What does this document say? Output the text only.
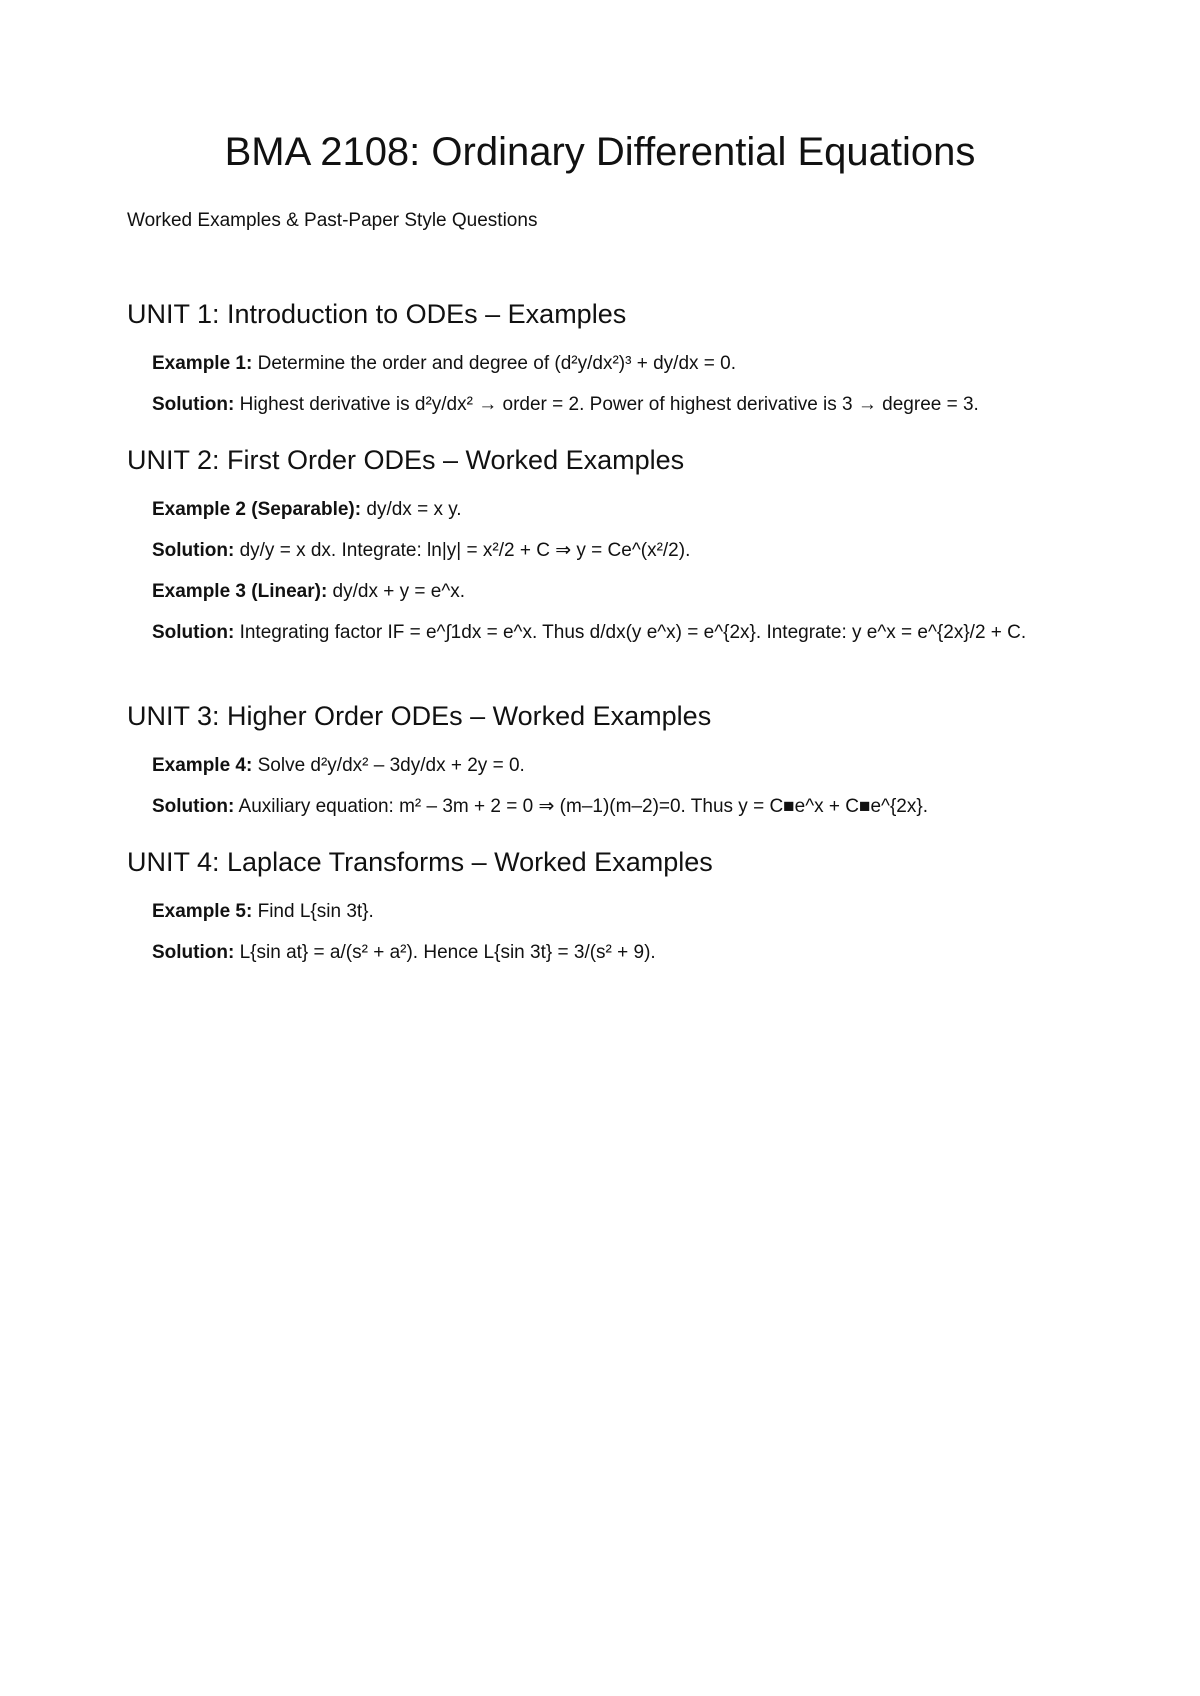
BMA 2108: Ordinary Differential Equations

Worked Examples & Past-Paper Style Questions

UNIT 1: Introduction to ODEs – Examples

Example 1: Determine the order and degree of (d²y/dx²)³ + dy/dx = 0.

Solution: Highest derivative is d²y/dx² → order = 2. Power of highest derivative is 3 → degree = 3.

UNIT 2: First Order ODEs – Worked Examples

Example 2 (Separable): dy/dx = x y.

Solution: dy/y = x dx. Integrate: ln|y| = x²/2 + C ⇒ y = Ce^(x²/2).

Example 3 (Linear): dy/dx + y = e^x.

Solution: Integrating factor IF = e^∫1dx = e^x. Thus d/dx(y e^x) = e^{2x}. Integrate: y e^x = e^{2x}/2 + C.

UNIT 3: Higher Order ODEs – Worked Examples

Example 4: Solve d²y/dx² – 3dy/dx + 2y = 0.

Solution: Auxiliary equation: m² – 3m + 2 = 0 ⇒ (m–1)(m–2)=0. Thus y = C■e^x + C■e^{2x}.

UNIT 4: Laplace Transforms – Worked Examples

Example 5: Find L{sin 3t}.

Solution: L{sin at} = a/(s² + a²). Hence L{sin 3t} = 3/(s² + 9).
